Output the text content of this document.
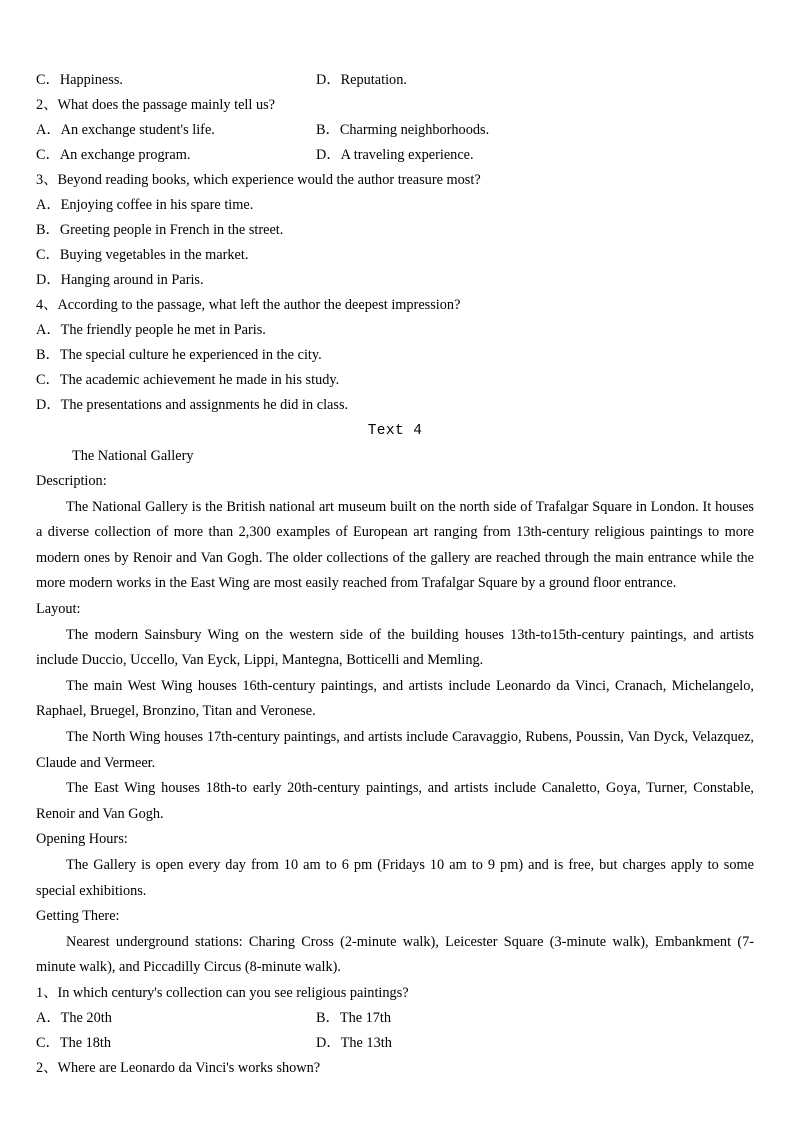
C．Happiness.	D．Reputation.
2、What does the passage mainly tell us?
A．An exchange student's life.	B．Charming neighborhoods.
C．An exchange program.	D．A traveling experience.
3、Beyond reading books, which experience would the author treasure most?
A．Enjoying coffee in his spare time.
B．Greeting people in French in the street.
C．Buying vegetables in the market.
D．Hanging around in Paris.
4、According to the passage, what left the author the deepest impression?
A．The friendly people he met in Paris.
B．The special culture he experienced in the city.
C．The academic achievement he made in his study.
D．The presentations and assignments he did in class.
Text 4
The National Gallery
Description:
The National Gallery is the British national art museum built on the north side of Trafalgar Square in London. It houses a diverse collection of more than 2,300 examples of European art ranging from 13th-century religious paintings to more modern ones by Renoir and Van Gogh. The older collections of the gallery are reached through the main entrance while the more modern works in the East Wing are most easily reached from Trafalgar Square by a ground floor entrance.
Layout:
The modern Sainsbury Wing on the western side of the building houses 13th-to15th-century paintings, and artists include Duccio, Uccello, Van Eyck, Lippi, Mantegna, Botticelli and Memling.
The main West Wing houses 16th-century paintings, and artists include Leonardo da Vinci, Cranach, Michelangelo, Raphael, Bruegel, Bronzino, Titan and Veronese.
The North Wing houses 17th-century paintings, and artists include Caravaggio, Rubens, Poussin, Van Dyck, Velazquez, Claude and Vermeer.
The East Wing houses 18th-to early 20th-century paintings, and artists include Canaletto, Goya, Turner, Constable, Renoir and Van Gogh.
Opening Hours:
The Gallery is open every day from 10 am to 6 pm (Fridays 10 am to 9 pm) and is free, but charges apply to some special exhibitions.
Getting There:
Nearest underground stations: Charing Cross (2-minute walk), Leicester Square (3-minute walk), Embankment (7-minute walk), and Piccadilly Circus (8-minute walk).
1、In which century's collection can you see religious paintings?
A．The 20th	B．The 17th
C．The 18th	D．The 13th
2、Where are Leonardo da Vinci's works shown?
